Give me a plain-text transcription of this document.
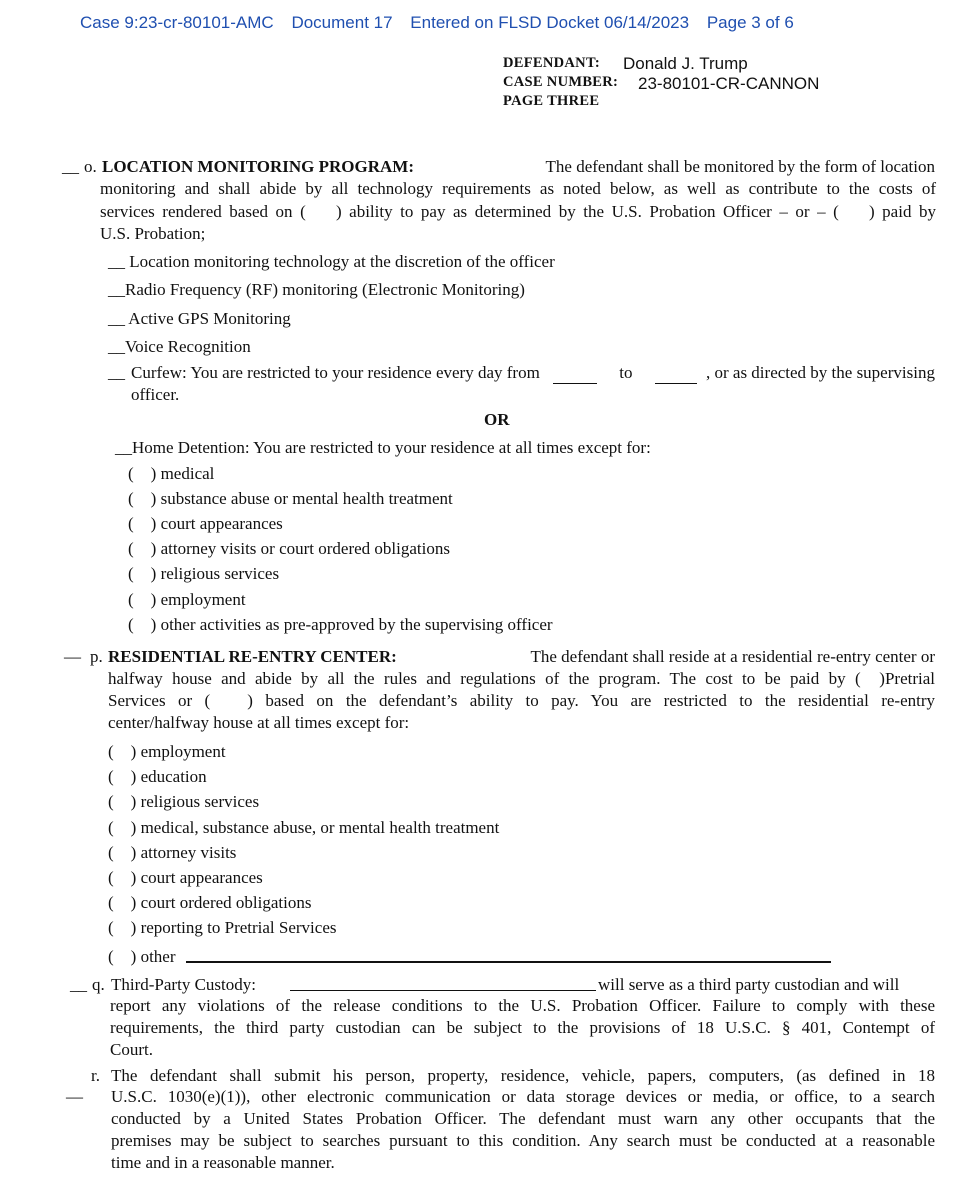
Case 9:23-cr-80101-AMC Document 17 Entered on FLSD Docket 06/14/2023 Page 3 of 6
DEFENDANT: Donald J. Trump
CASE NUMBER: 23-80101-CR-CANNON
PAGE THREE
__ o. LOCATION MONITORING PROGRAM:	The defendant shall be monitored by the form of location
monitoring and shall abide by all technology requirements as noted below, as well as contribute to the costs of
services rendered based on (    ) ability to pay as determined by the U.S. Probation Officer – or – (    ) paid by
U.S. Probation;
__ Location monitoring technology at the discretion of the officer
__Radio Frequency (RF) monitoring (Electronic Monitoring)
__ Active GPS Monitoring
__Voice Recognition
__ Curfew: You are restricted to your residence every day from	to	, or as directed by the supervising
officer.
OR
__Home Detention: You are restricted to your residence at all times except for:
(    ) medical
(    ) substance abuse or mental health treatment
(    ) court appearances
(    ) attorney visits or court ordered obligations
(    ) religious services
(    ) employment
(    ) other activities as pre-approved by the supervising officer
— p. RESIDENTIAL RE-ENTRY CENTER:	The defendant shall reside at a residential re-entry center or
halfway house and abide by all the rules and regulations of the program. The cost to be paid by (  )Pretrial
Services or (   ) based on the defendant’s ability to pay. You are restricted to the residential re-entry
center/halfway house at all times except for:
(    ) employment
(    ) education
(    ) religious services
(    ) medical, substance abuse, or mental health treatment
(    ) attorney visits
(    ) court appearances
(    ) court ordered obligations
(    ) reporting to Pretrial Services
(    ) other
__ q. Third-Party Custody:	will serve as a third party custodian and will
report any violations of the release conditions to the U.S. Probation Officer. Failure to comply with these
requirements, the third party custodian can be subject to the provisions of 18 U.S.C. § 401, Contempt of
Court.
r.
—
The defendant shall submit his person, property, residence, vehicle, papers, computers, (as defined in 18
U.S.C. 1030(e)(1)), other electronic communication or data storage devices or media, or office, to a search
conducted by a United States Probation Officer. The defendant must warn any other occupants that the
premises may be subject to searches pursuant to this condition. Any search must be conducted at a reasonable
time and in a reasonable manner.
